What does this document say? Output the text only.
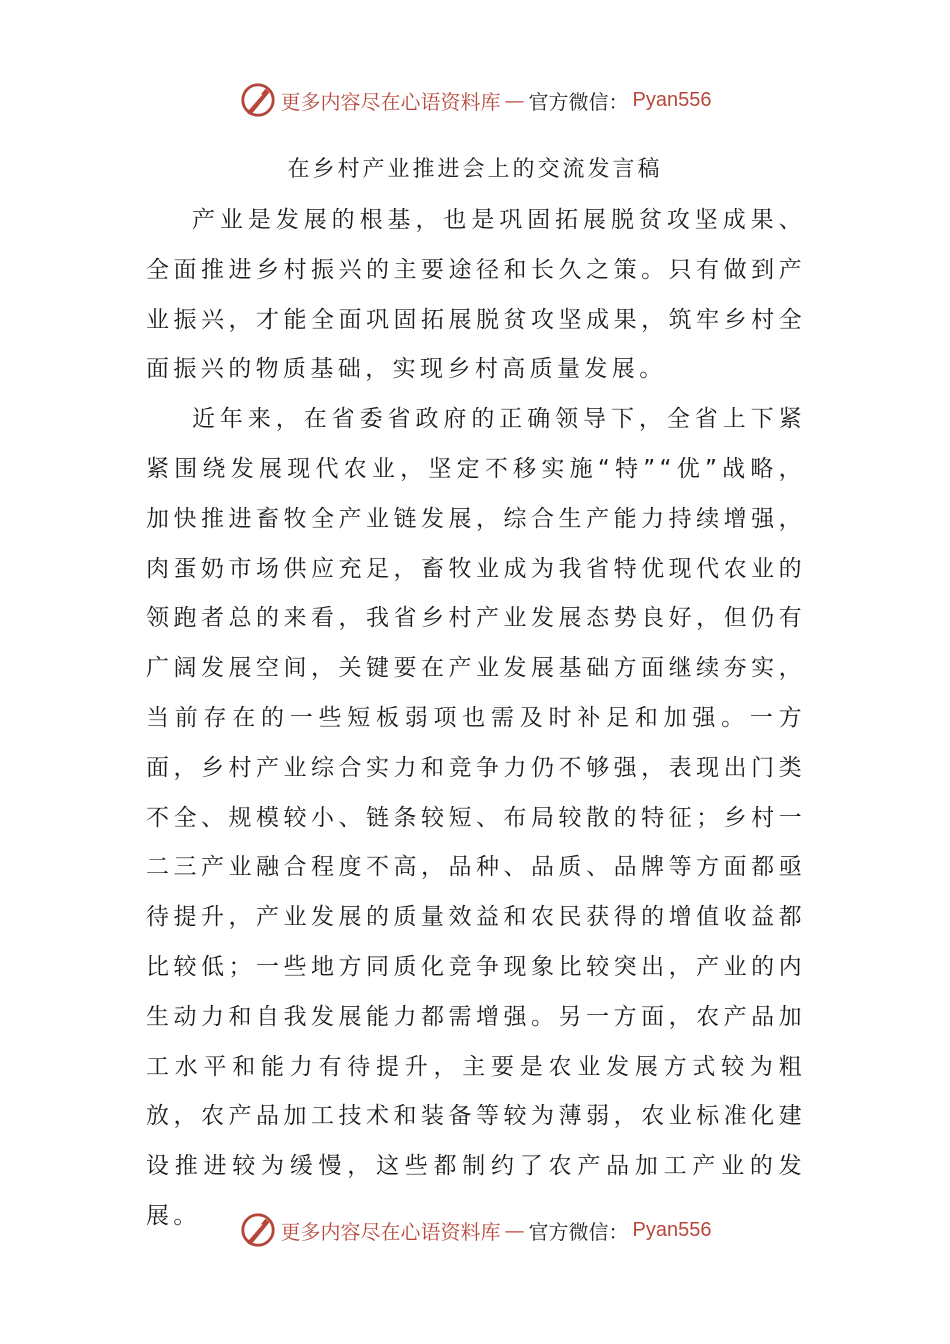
更多内容尽在心语资料库 — 官方微信： Pyan556
在乡村产业推进会上的交流发言稿

产业是发展的根基，也是巩固拓展脱贫攻坚成果、全面推进乡村振兴的主要途径和长久之策。只有做到产业振兴，才能全面巩固拓展脱贫攻坚成果，筑牢乡村全面振兴的物质基础，实现乡村高质量发展。

近年来，在省委省政府的正确领导下，全省上下紧紧围绕发展现代农业，坚定不移实施“特”“优”战略，加快推进畜牧全产业链发展，综合生产能力持续增强，肉蛋奶市场供应充足，畜牧业成为我省特优现代农业的领跑者总的来看，我省乡村产业发展态势良好，但仍有广阔发展空间，关键要在产业发展基础方面继续夯实，当前存在的一些短板弱项也需及时补足和加强。一方面，乡村产业综合实力和竞争力仍不够强，表现出门类不全、规模较小、链条较短、布局较散的特征；乡村一二三产业融合程度不高，品种、品质、品牌等方面都亟待提升，产业发展的质量效益和农民获得的增值收益都比较低；一些地方同质化竞争现象比较突出，产业的内生动力和自我发展能力都需增强。另一方面，农产品加工水平和能力有待提升，主要是农业发展方式较为粗放，农产品加工技术和装备等较为薄弱，农业标准化建设推进较为缓慢，这些都制约了农产品加工产业的发展。

更多内容尽在心语资料库 — 官方微信： Pyan556
